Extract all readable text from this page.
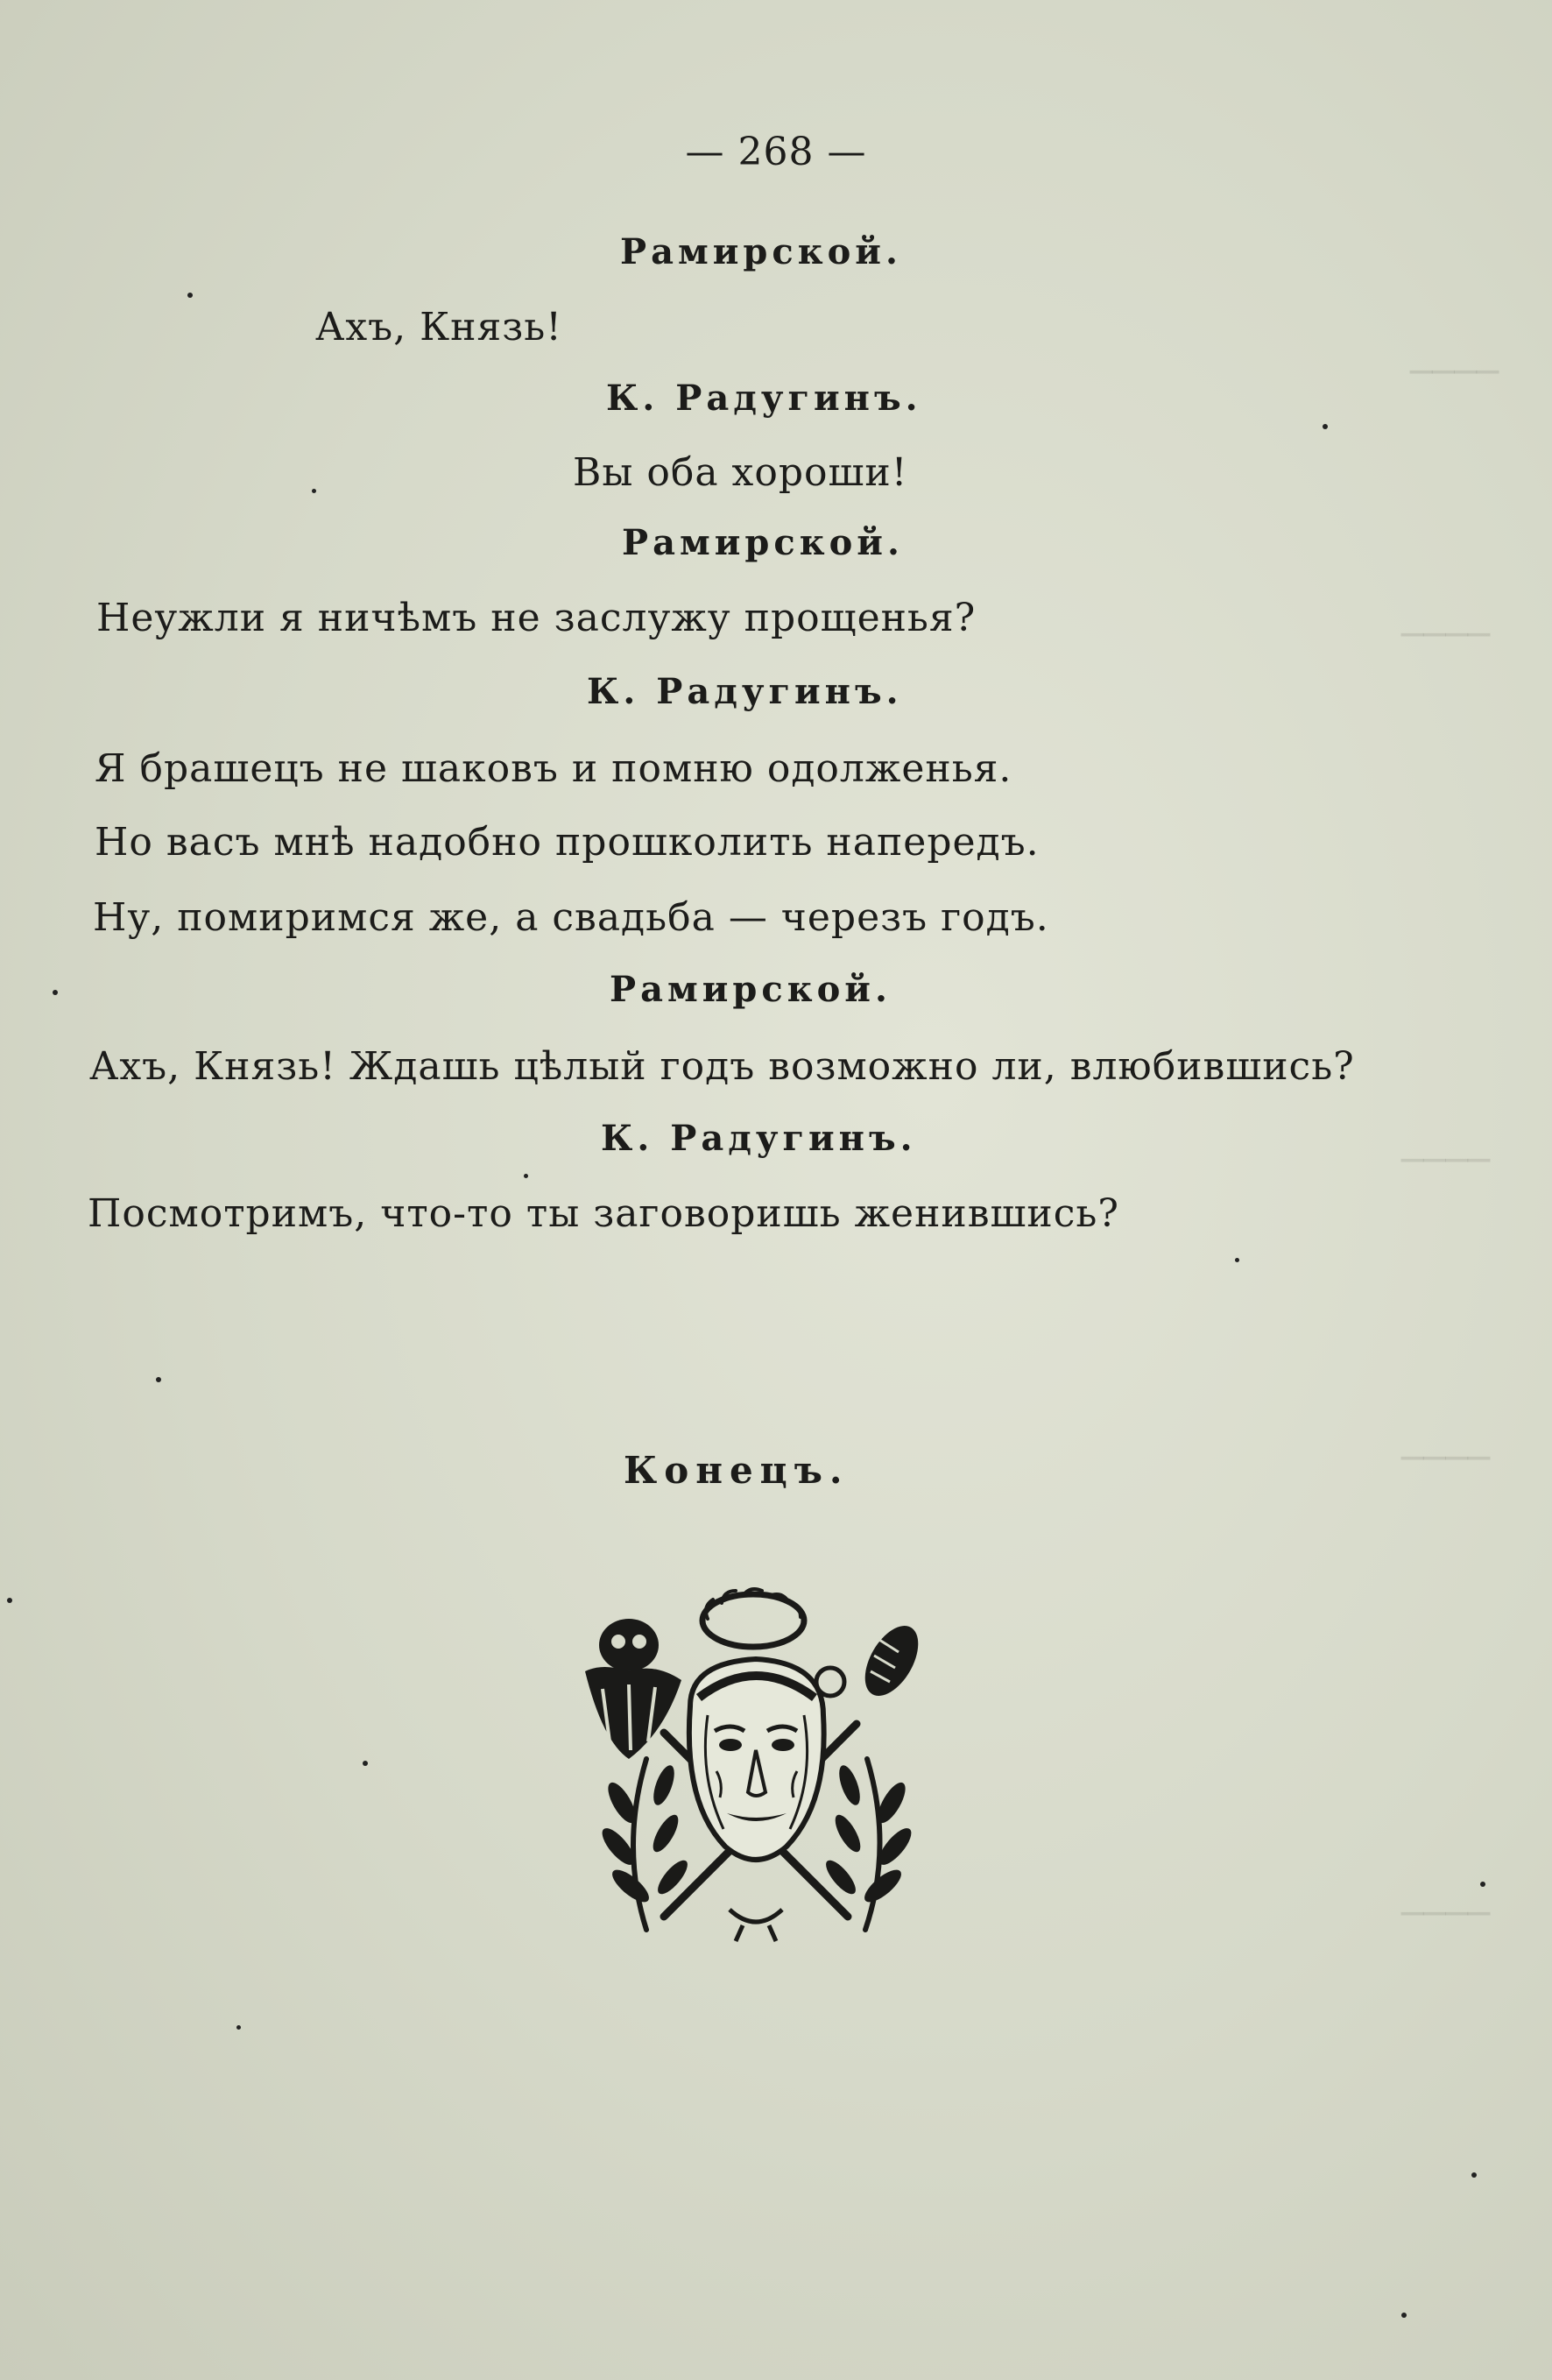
────
────
────
────
────
— 268 —
Рамирской.
Ахъ, Князь!
К. Радугинъ.
Вы оба хороши!
Рамирской.
Неужли я ничѣмъ не заслужу прощенья?
К. Радугинъ.
Я брашецъ не шаковъ и помню одолженья.
Но васъ мнѣ надобно прошколить напередъ.
Ну, помиримся же, а свадьба — черезъ годъ.
Рамирской.
Ахъ, Князь! Ждашь цѣлый годъ возможно ли, влюбившись?
К. Радугинъ.
Посмотримъ, что-то ты заговоришь женившись?
Конецъ.
